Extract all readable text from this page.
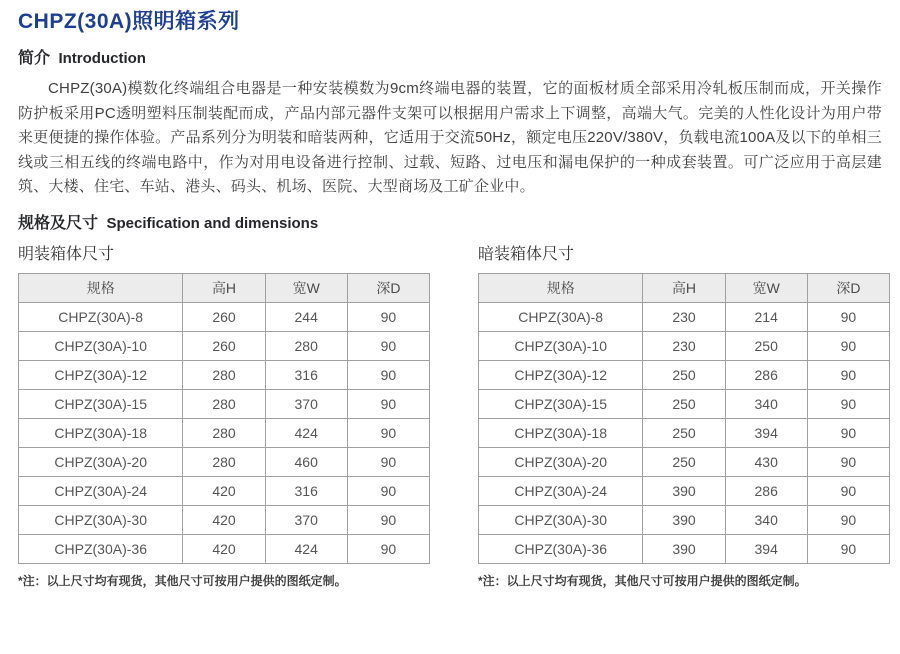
CHPZ(30A)照明箱系列
简介 Introduction

CHPZ(30A)模数化终端组合电器是一种安装模数为9cm终端电器的装置，它的面板材质全部采用冷轧板压制而成，开关操作防护板采用PC透明塑料压制装配而成，产品内部元器件支架可以根据用户需求上下调整，高端大气。完美的人性化设计为用户带来更便捷的操作体验。产品系列分为明装和暗装两种，它适用于交流50Hz，额定电压220V/380V，负载电流100A及以下的单相三线或三相五线的终端电路中，作为对用电设备进行控制、过载、短路、过电压和漏电保护的一种成套装置。可广泛应用于高层建筑、大楼、住宅、车站、港头、码头、机场、医院、大型商场及工矿企业中。

规格及尺寸 Specification and dimensions
明装箱体尺寸
规格	高H	宽W	深D
CHPZ(30A)-8	260	244	90
CHPZ(30A)-10	260	280	90
CHPZ(30A)-12	280	316	90
CHPZ(30A)-15	280	370	90
CHPZ(30A)-18	280	424	90
CHPZ(30A)-20	280	460	90
CHPZ(30A)-24	420	316	90
CHPZ(30A)-30	420	370	90
CHPZ(30A)-36	420	424	90

*注：以上尺寸均有现货，其他尺寸可按用户提供的图纸定制。

暗装箱体尺寸
规格	高H	宽W	深D
CHPZ(30A)-8	230	214	90
CHPZ(30A)-10	230	250	90
CHPZ(30A)-12	250	286	90
CHPZ(30A)-15	250	340	90
CHPZ(30A)-18	250	394	90
CHPZ(30A)-20	250	430	90
CHPZ(30A)-24	390	286	90
CHPZ(30A)-30	390	340	90
CHPZ(30A)-36	390	394	90

*注：以上尺寸均有现货，其他尺寸可按用户提供的图纸定制。
